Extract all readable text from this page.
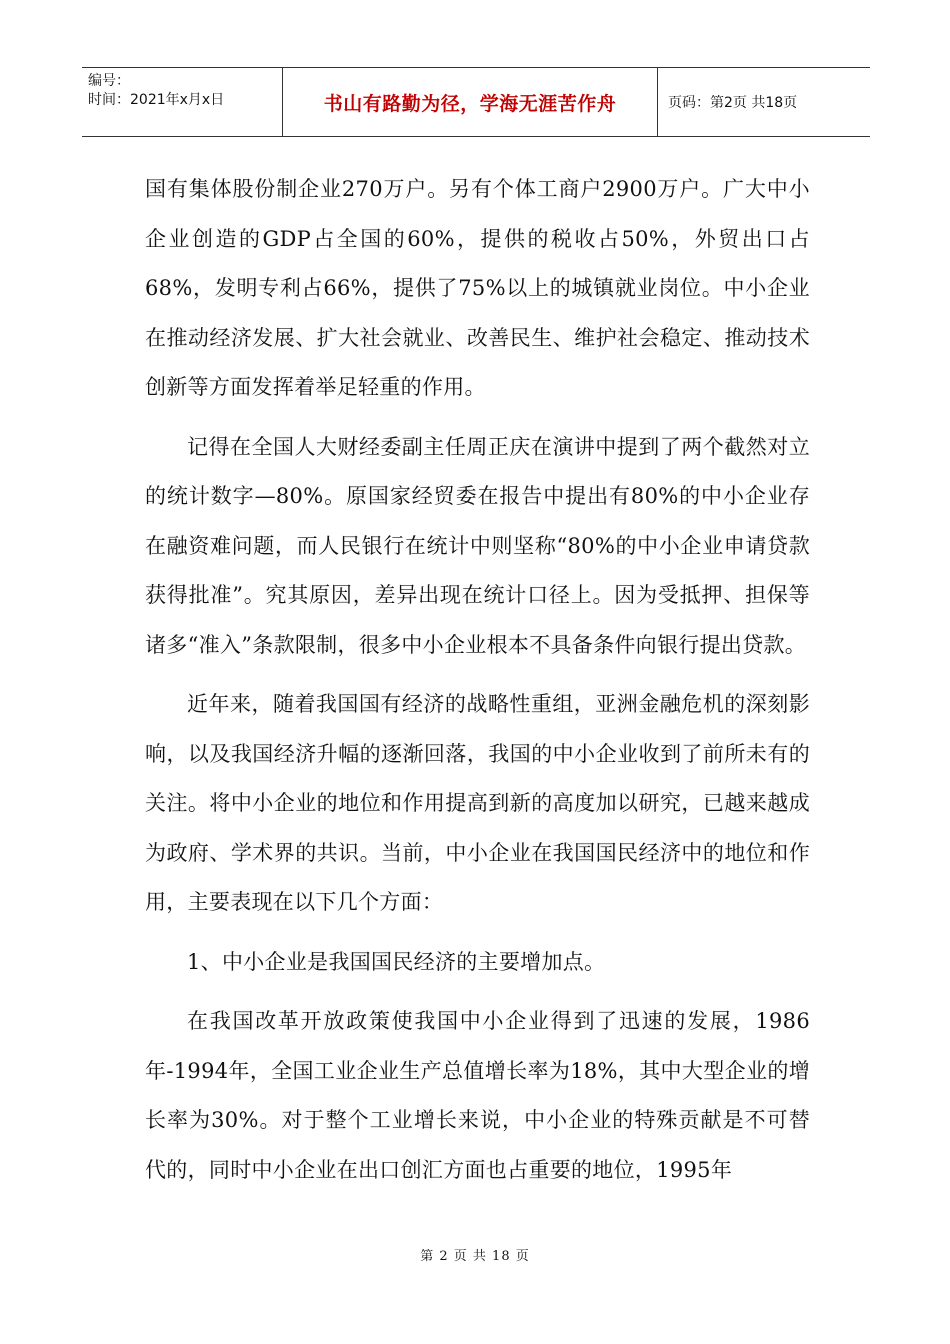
编号：
时间：2021年x月x日	书山有路勤为径，学海无涯苦作舟	页码：第2页 共18页

国有集体股份制企业270万户。另有个体工商户2900万户。广大中小企业创造的GDP占全国的60%，提供的税收占50%，外贸出口占68%，发明专利占66%，提供了75%以上的城镇就业岗位。中小企业在推动经济发展、扩大社会就业、改善民生、维护社会稳定、推动技术创新等方面发挥着举足轻重的作用。

记得在全国人大财经委副主任周正庆在演讲中提到了两个截然对立的统计数字—80%。原国家经贸委在报告中提出有80%的中小企业存在融资难问题，而人民银行在统计中则坚称“80%的中小企业申请贷款获得批准”。究其原因，差异出现在统计口径上。因为受抵押、担保等诸多“准入”条款限制，很多中小企业根本不具备条件向银行提出贷款。

近年来，随着我国国有经济的战略性重组，亚洲金融危机的深刻影响，以及我国经济升幅的逐渐回落，我国的中小企业收到了前所未有的关注。将中小企业的地位和作用提高到新的高度加以研究，已越来越成为政府、学术界的共识。当前，中小企业在我国国民经济中的地位和作用，主要表现在以下几个方面：

1、中小企业是我国国民经济的主要增加点。

在我国改革开放政策使我国中小企业得到了迅速的发展，1986年-1994年，全国工业企业生产总值增长率为18%，其中大型企业的增长率为30%。对于整个工业增长来说，中小企业的特殊贡献是不可替代的，同时中小企业在出口创汇方面也占重要的地位，1995年

第 2 页 共 18 页
